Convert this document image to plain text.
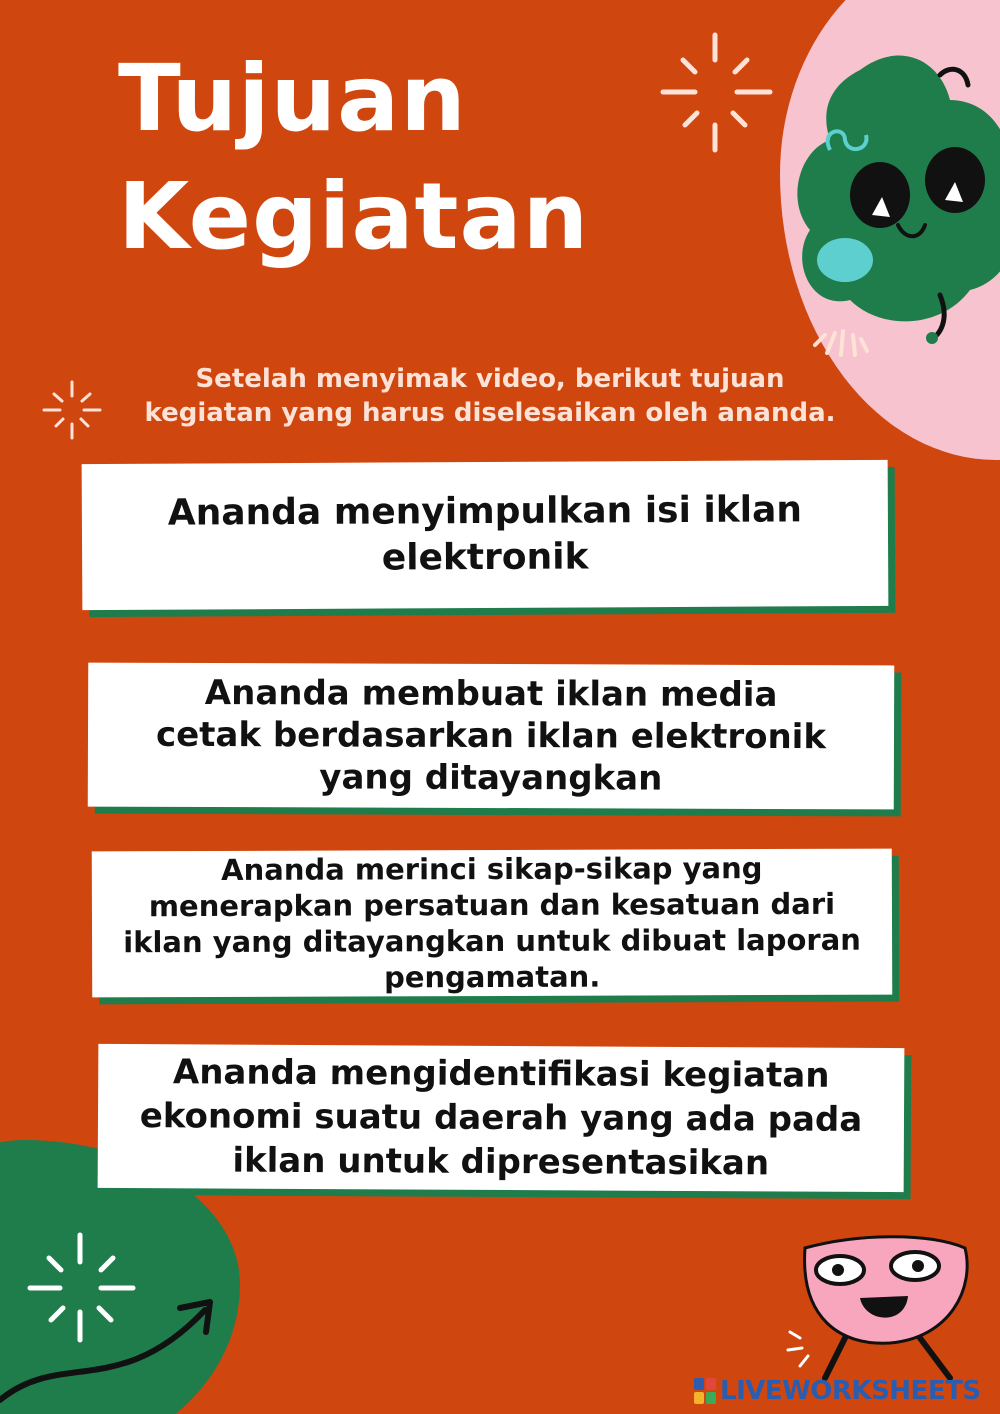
Tujuan
Kegiatan
Setelah menyimak video, berikut tujuan
kegiatan yang harus diselesaikan oleh ananda.

Ananda menyimpulkan isi iklan elektronik

Ananda membuat iklan media cetak berdasarkan iklan elektronik yang ditayangkan

Ananda merinci sikap-sikap yang menerapkan persatuan dan kesatuan dari iklan yang ditayangkan untuk dibuat laporan pengamatan.

Ananda mengidentifikasi kegiatan ekonomi suatu daerah yang ada pada iklan untuk dipresentasikan

LIVEWORKSHEETS
